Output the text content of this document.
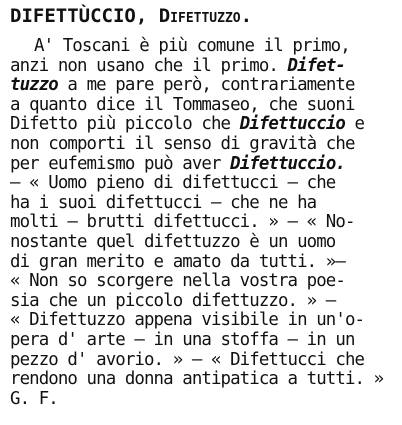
DIFETTÙCCIO, Difettuzzo.
A' Toscani è più comune il primo,
anzi non usano che il primo. Difet-
tuzzo a me pare però, contrariamente
a quanto dice il Tommaseo, che suoni
Difetto più piccolo che Difettuccio e
non comporti il senso di gravità che
per eufemismo può aver Difettuccio.
— « Uomo pieno di difettucci — che
ha i suoi difettucci — che ne ha
molti — brutti difettucci. » — « No-
nostante quel difettuzzo è un uomo
di gran merito e amato da tutti. »—
« Non so scorgere nella vostra poe-
sia che un piccolo difettuzzo. » —
« Difettuzzo appena visibile in un'o-
pera d' arte — in una stoffa — in un
pezzo d' avorio. » — « Difettucci che
rendono una donna antipatica a tutti. »
G. F.
